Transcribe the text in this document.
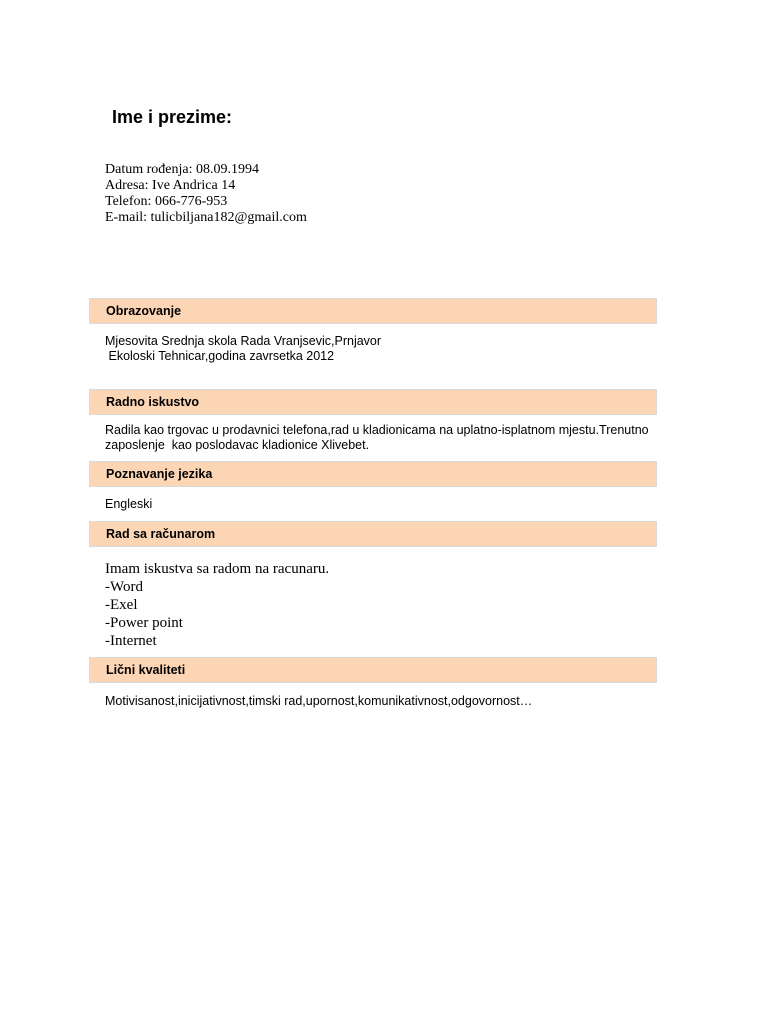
Ime i prezime:
Datum rođenja: 08.09.1994
Adresa: Ive Andrica 14
Telefon: 066-776-953
E-mail: tulicbiljana182@gmail.com
Obrazovanje
Mjesovita Srednja skola Rada Vranjsevic,Prnjavor
Ekoloski Tehnicar,godina zavrsetka 2012
Radno iskustvo
Radila kao trgovac u prodavnici telefona,rad u kladionicama na uplatno-isplatnom mjestu.Trenutno
zaposlenje  kao poslodavac kladionice Xlivebet.
Poznavanje jezika
Engleski
Rad sa računarom
Imam iskustva sa radom na racunaru.
-Word
-Exel
-Power point
-Internet
Lični kvaliteti
Motivisanost,inicijativnost,timski rad,upornost,komunikativnost,odgovornost…
